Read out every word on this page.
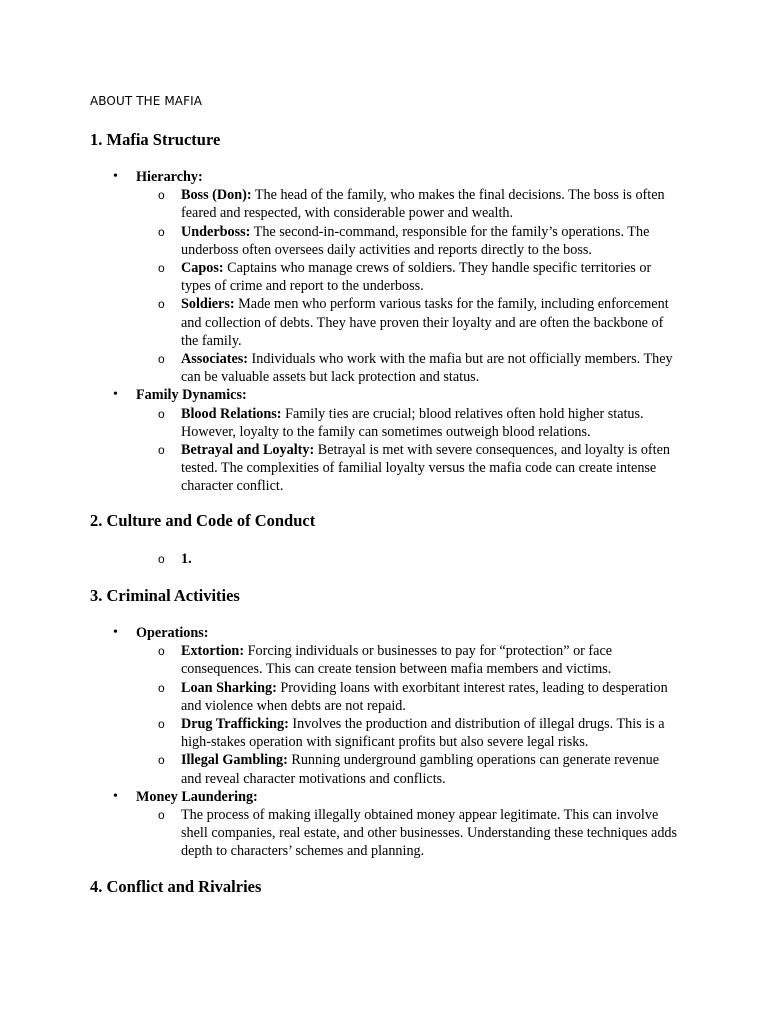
ABOUT THE MAFIA
1. Mafia Structure
• Hierarchy:
o Boss (Don): The head of the family, who makes the final decisions. The boss is often feared and respected, with considerable power and wealth.
o Underboss: The second-in-command, responsible for the family’s operations. The underboss often oversees daily activities and reports directly to the boss.
o Capos: Captains who manage crews of soldiers. They handle specific territories or types of crime and report to the underboss.
o Soldiers: Made men who perform various tasks for the family, including enforcement and collection of debts. They have proven their loyalty and are often the backbone of the family.
o Associates: Individuals who work with the mafia but are not officially members. They can be valuable assets but lack protection and status.
• Family Dynamics:
o Blood Relations: Family ties are crucial; blood relatives often hold higher status. However, loyalty to the family can sometimes outweigh blood relations.
o Betrayal and Loyalty: Betrayal is met with severe consequences, and loyalty is often tested. The complexities of familial loyalty versus the mafia code can create intense character conflict.
2. Culture and Code of Conduct
o 1.
3. Criminal Activities
• Operations:
o Extortion: Forcing individuals or businesses to pay for “protection” or face consequences. This can create tension between mafia members and victims.
o Loan Sharking: Providing loans with exorbitant interest rates, leading to desperation and violence when debts are not repaid.
o Drug Trafficking: Involves the production and distribution of illegal drugs. This is a high-stakes operation with significant profits but also severe legal risks.
o Illegal Gambling: Running underground gambling operations can generate revenue and reveal character motivations and conflicts.
• Money Laundering:
o The process of making illegally obtained money appear legitimate. This can involve shell companies, real estate, and other businesses. Understanding these techniques adds depth to characters’ schemes and planning.
4. Conflict and Rivalries
